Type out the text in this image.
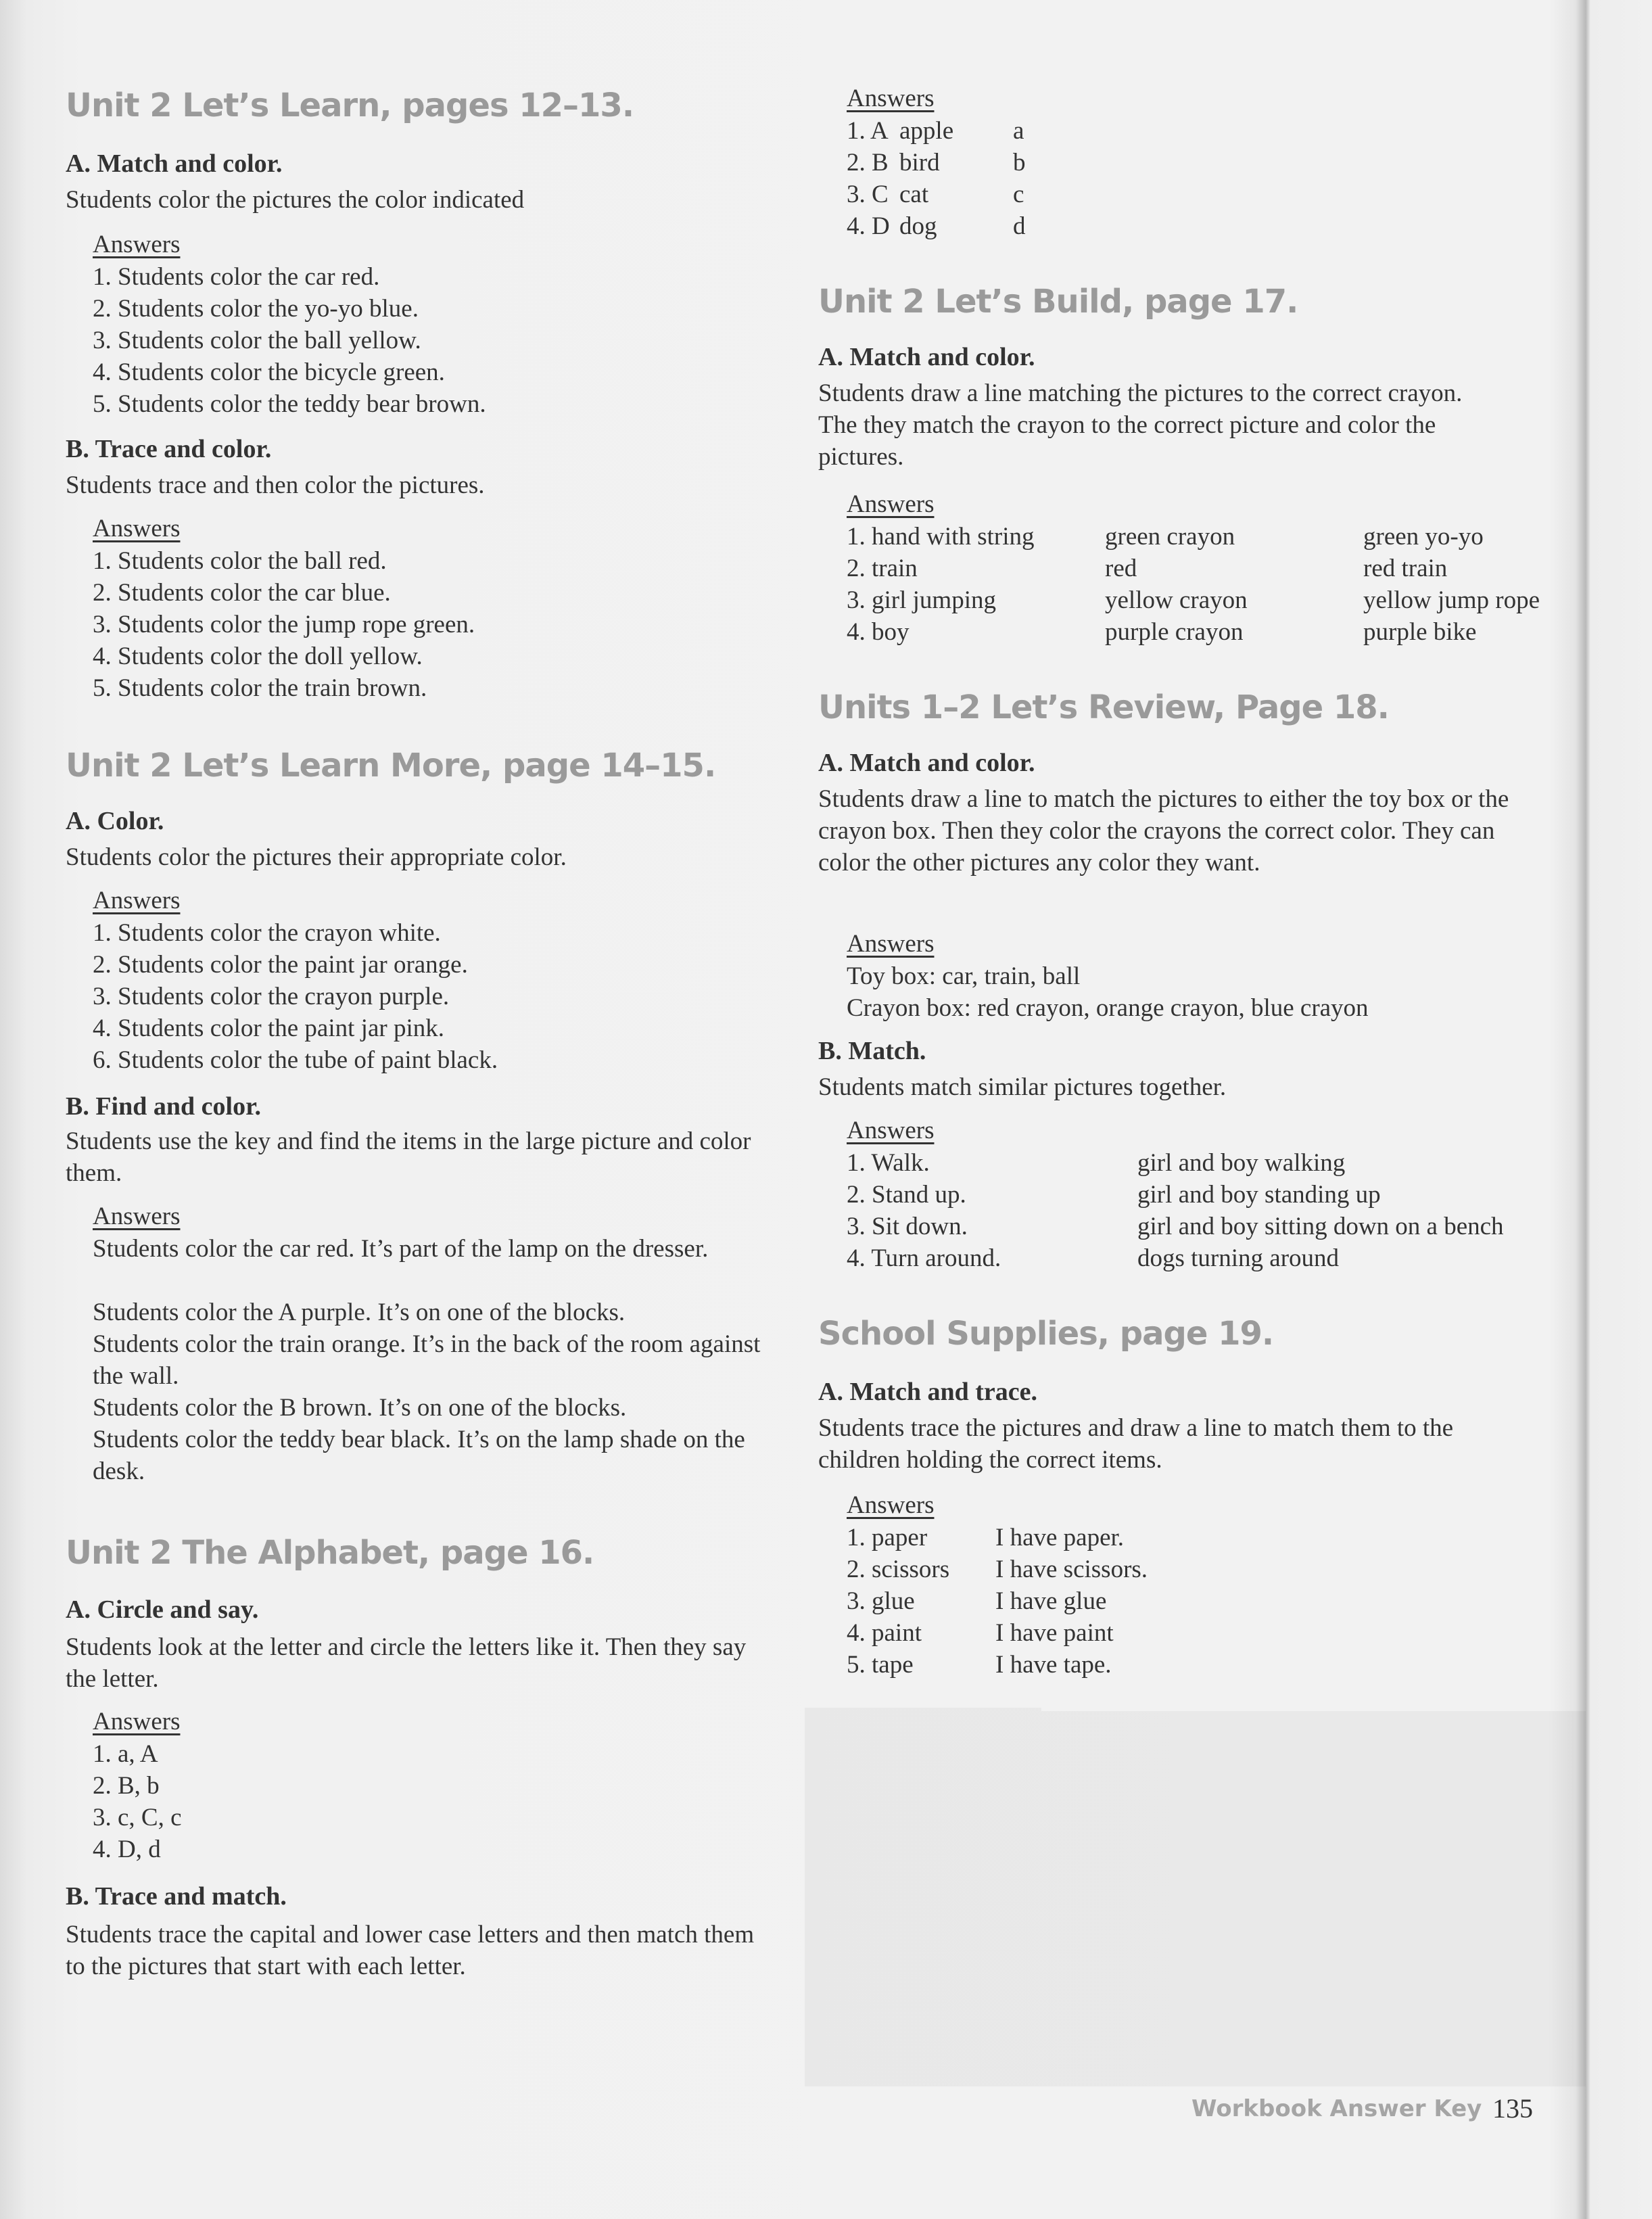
Unit 2 Let’s Learn, pages 12–13.
A. Match and color.
Students color the pictures the color indicated
Answers
1. Students color the car red.
2. Students color the yo-yo blue.
3. Students color the ball yellow.
4. Students color the bicycle green.
5. Students color the teddy bear brown.
B. Trace and color.
Students trace and then color the pictures.
Answers
1. Students color the ball red.
2. Students color the car blue.
3. Students color the jump rope green.
4. Students color the doll yellow.
5. Students color the train brown.
Unit 2 Let’s Learn More, page 14–15.
A. Color.
Students color the pictures their appropriate color.
Answers
1. Students color the crayon white.
2. Students color the paint jar orange.
3. Students color the crayon purple.
4. Students color the paint jar pink.
6. Students color the tube of paint black.
B. Find and color.
Students use the key and find the items in the large picture and color them.
Answers
Students color the car red. It’s part of the lamp on the dresser.
Students color the A purple. It’s on one of the blocks.
Students color the train orange. It’s in the back of the room against the wall.
Students color the B brown. It’s on one of the blocks.
Students color the teddy bear black. It’s on the lamp shade on the desk.
Unit 2 The Alphabet, page 16.
A. Circle and say.
Students look at the letter and circle the letters like it. Then they say the letter.
Answers
1. a, A
2. B, b
3. c, C, c
4. D, d
B. Trace and match.
Students trace the capital and lower case letters and then match them to the pictures that start with each letter.
Answers
1. A	apple	a
2. B	bird	b
3. C	cat	c
4. D	dog	d
Unit 2 Let’s Build, page 17.
A. Match and color.
Students draw a line matching the pictures to the correct crayon. The they match the crayon to the correct picture and color the pictures.
Answers
1. hand with string	green crayon	green yo-yo
2. train	red	red train
3. girl jumping	yellow crayon	yellow jump rope
4. boy	purple crayon	purple bike
Units 1–2 Let’s Review, Page 18.
A. Match and color.
Students draw a line to match the pictures to either the toy box or the crayon box. Then they color the crayons the correct color. They can color the other pictures any color they want.
Answers
Toy box: car, train, ball
Crayon box: red crayon, orange crayon, blue crayon
B. Match.
Students match similar pictures together.
Answers
1. Walk.	girl and boy walking
2. Stand up.	girl and boy standing up
3. Sit down.	girl and boy sitting down on a bench
4. Turn around.	dogs turning around
School Supplies, page 19.
A. Match and trace.
Students trace the pictures and draw a line to match them to the children holding the correct items.
Answers
1. paper	I have paper.
2. scissors	I have scissors.
3. glue	I have glue
4. paint	I have paint
5. tape	I have tape.
Workbook Answer Key 135
